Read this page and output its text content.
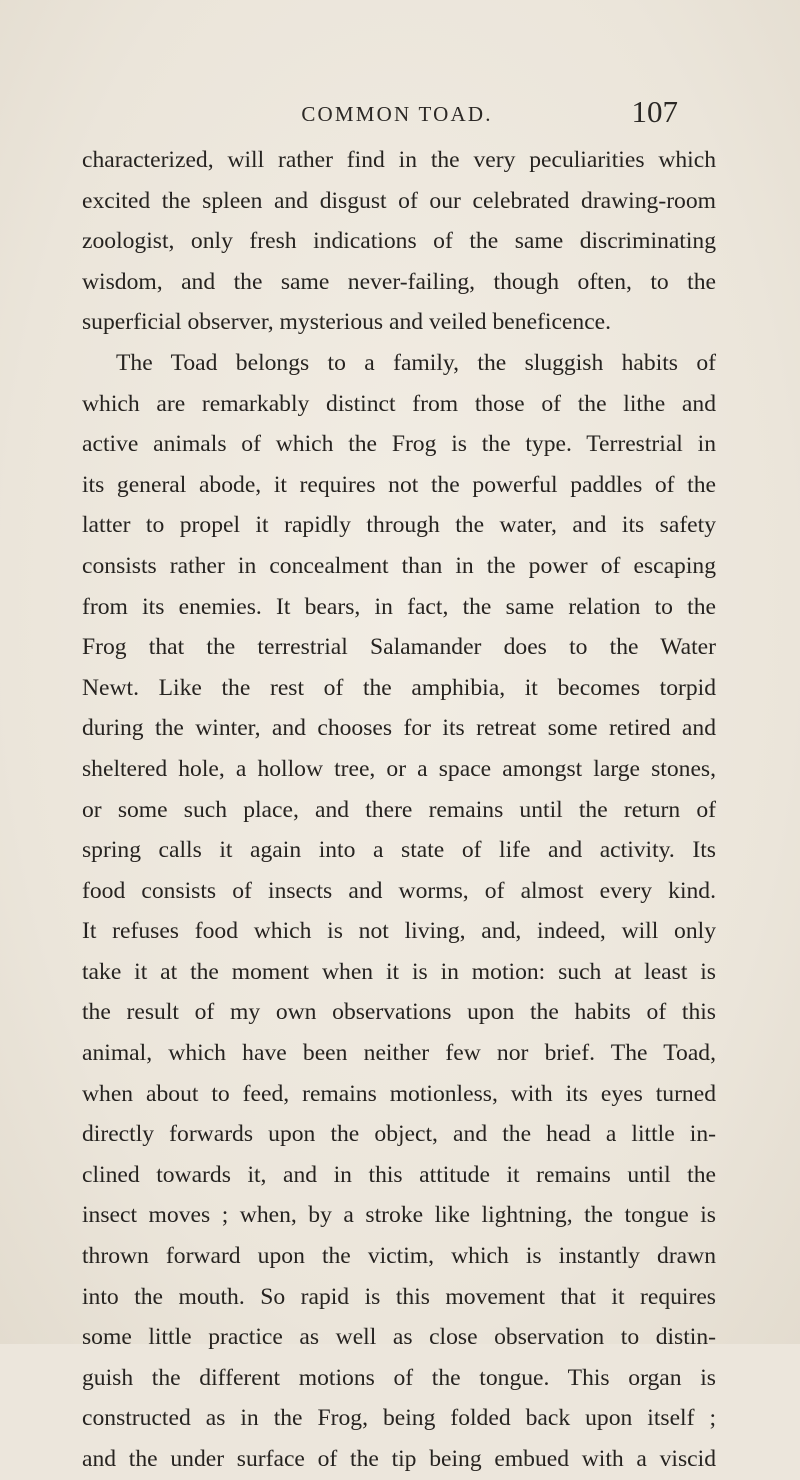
COMMON TOAD.	107
characterized, will rather find in the very peculiarities which
excited the spleen and disgust of our celebrated drawing-room
zoologist, only fresh indications of the same discriminating
wisdom, and the same never-failing, though often, to the
superficial observer, mysterious and veiled beneficence.
The Toad belongs to a family, the sluggish habits of
which are remarkably distinct from those of the lithe and
active animals of which the Frog is the type. Terrestrial in
its general abode, it requires not the powerful paddles of the
latter to propel it rapidly through the water, and its safety
consists rather in concealment than in the power of escaping
from its enemies. It bears, in fact, the same relation to the
Frog that the terrestrial Salamander does to the Water
Newt. Like the rest of the amphibia, it becomes torpid
during the winter, and chooses for its retreat some retired and
sheltered hole, a hollow tree, or a space amongst large stones,
or some such place, and there remains until the return of
spring calls it again into a state of life and activity. Its
food consists of insects and worms, of almost every kind.
It refuses food which is not living, and, indeed, will only
take it at the moment when it is in motion: such at least is
the result of my own observations upon the habits of this
animal, which have been neither few nor brief. The Toad,
when about to feed, remains motionless, with its eyes turned
directly forwards upon the object, and the head a little in-
clined towards it, and in this attitude it remains until the
insect moves ; when, by a stroke like lightning, the tongue is
thrown forward upon the victim, which is instantly drawn
into the mouth. So rapid is this movement that it requires
some little practice as well as close observation to distin-
guish the different motions of the tongue. This organ is
constructed as in the Frog, being folded back upon itself ;
and the under surface of the tip being embued with a viscid
